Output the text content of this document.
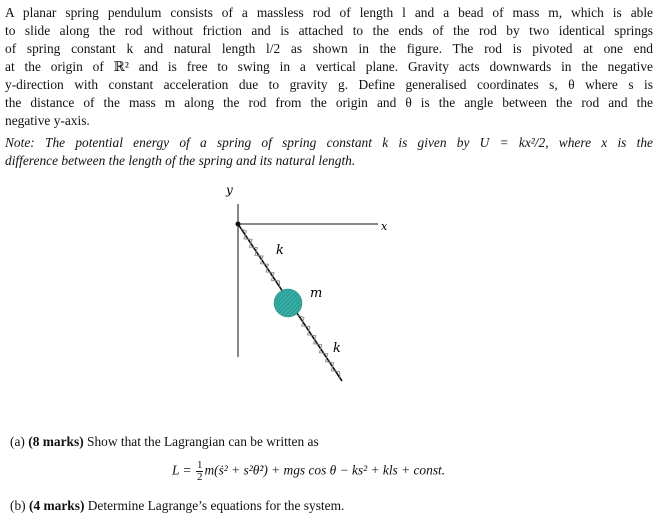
A planar spring pendulum consists of a massless rod of length l and a bead of mass m, which is able
to slide along the rod without friction and is attached to the ends of the rod by two identical springs
of spring constant k and natural length l/2 as shown in the figure. The rod is pivoted at one end
at the origin of ℝ² and is free to swing in a vertical plane. Gravity acts downwards in the negative
y-direction with constant acceleration due to gravity g. Define generalised coordinates s, θ where s is
the distance of the mass m along the rod from the origin and θ is the angle between the rod and the
negative y-axis.
Note: The potential energy of a spring of spring constant k is given by U = kx²/2, where x is the
difference between the length of the spring and its natural length.
y
x
k
m
k
(a) (8 marks) Show that the Lagrangian can be written as
$L = \frac{1}{2}$ m(ṡ² + s²θ̇²) + mgs cos θ − ks² + kls + const.
(b) (4 marks) Determine Lagrange’s equations for the system.
